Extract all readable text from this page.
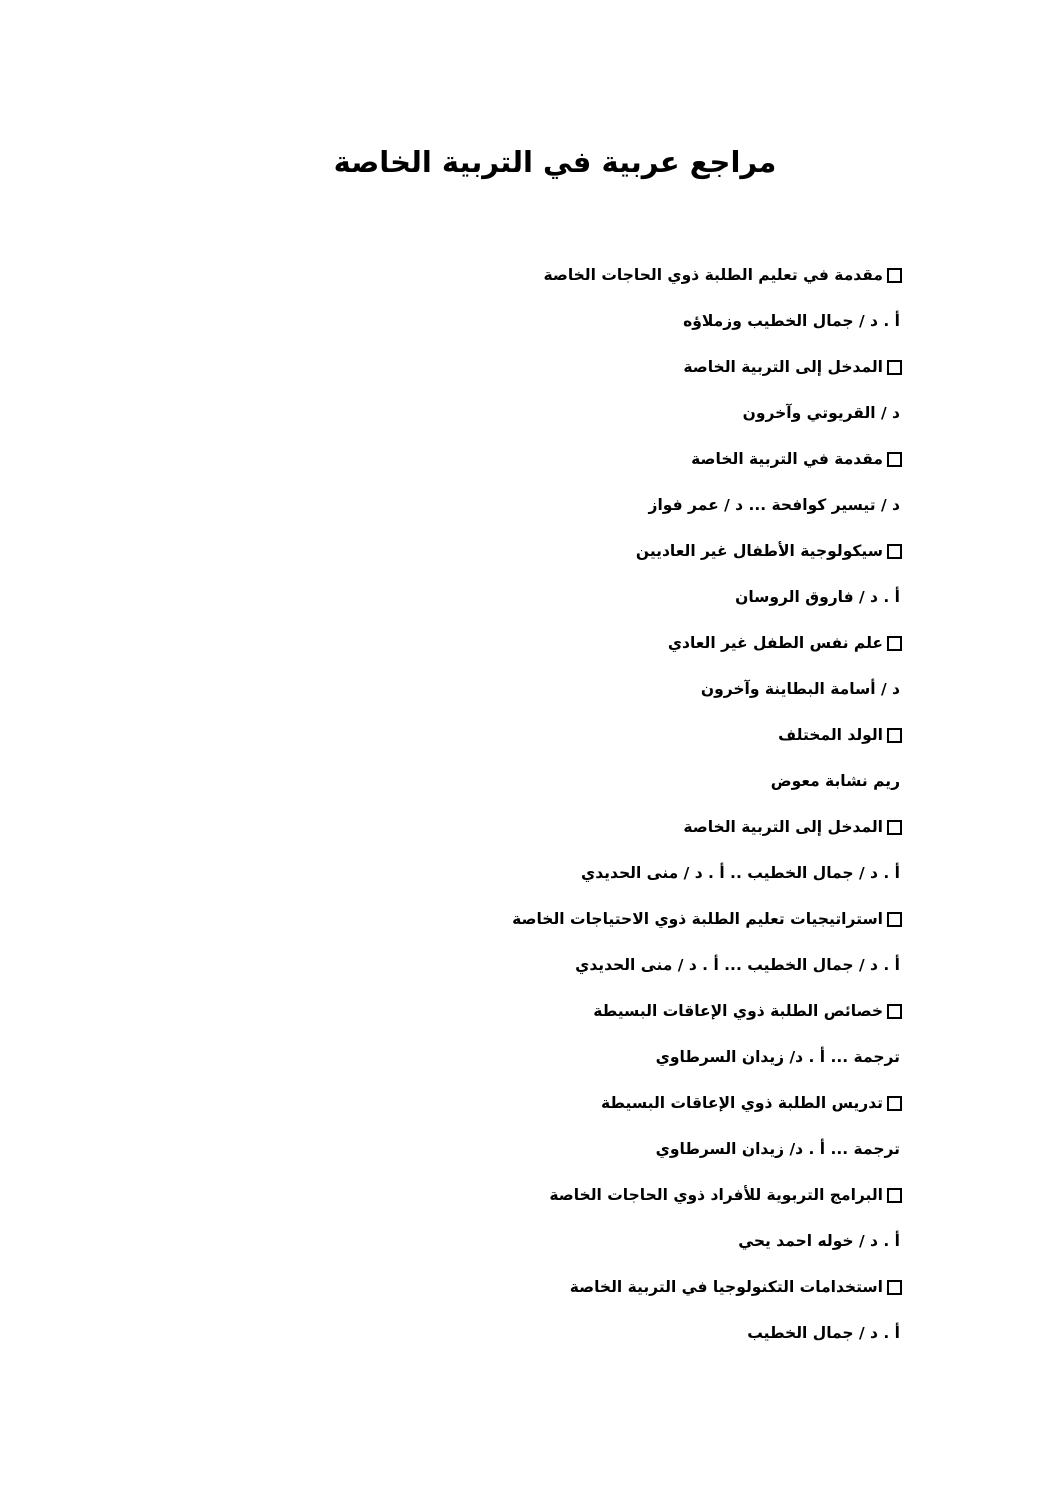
مراجع عربية في التربية الخاصة
مقدمة في تعليم الطلبة ذوي الحاجات الخاصة
أ . د / جمال الخطيب وزملاؤه
المدخل إلى التربية الخاصة
د / القريوتي وآخرون
مقدمة في التربية الخاصة
د / تيسير كوافحة ... د / عمر فواز
سيكولوجية الأطفال غير العاديين
أ . د / فاروق الروسان
علم نفس الطفل غير العادي
د / أسامة البطاينة وآخرون
الولد المختلف
ريم نشابة معوض
المدخل إلى التربية الخاصة
أ . د / جمال الخطيب .. أ . د / منى الحديدي
استراتيجيات تعليم الطلبة ذوي الاحتياجات الخاصة
أ . د / جمال الخطيب ... أ . د / منى الحديدي
خصائص الطلبة ذوي الإعاقات البسيطة
ترجمة ... أ . د/ زيدان السرطاوي
تدريس الطلبة ذوي الإعاقات البسيطة
ترجمة ... أ . د/ زيدان السرطاوي
البرامج التربوية للأفراد ذوي الحاجات الخاصة
أ . د / خوله احمد يحي
استخدامات التكنولوجيا في التربية الخاصة
أ . د / جمال الخطيب
